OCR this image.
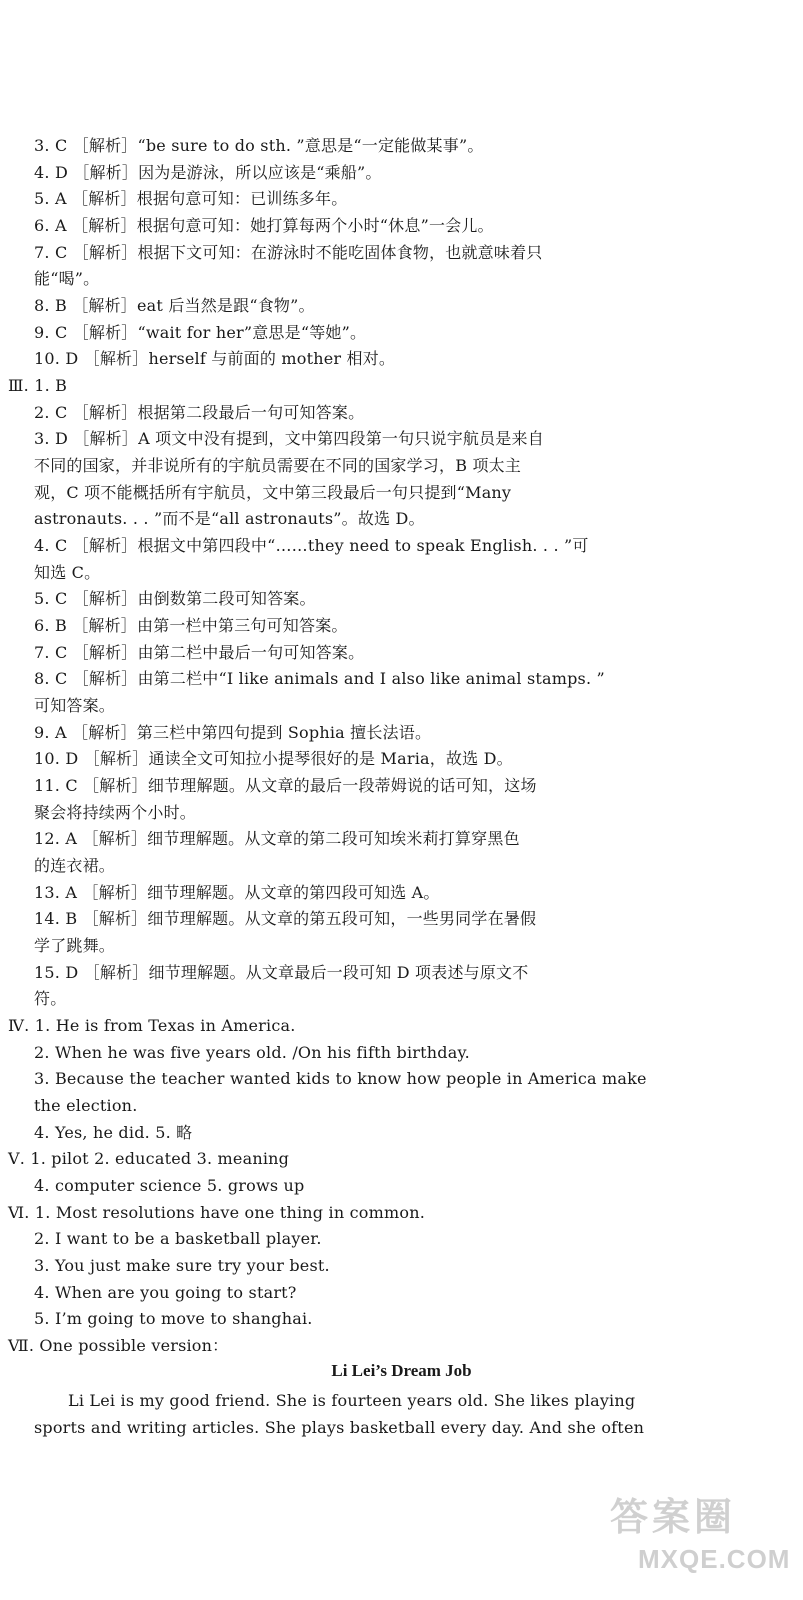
3. C ［解析］“be sure to do sth. ”意思是“一定能做某事”。
4. D ［解析］因为是游泳，所以应该是“乘船”。
5. A ［解析］根据句意可知：已训练多年。
6. A ［解析］根据句意可知：她打算每两个小时“休息”一会儿。
7. C ［解析］根据下文可知：在游泳时不能吃固体食物，也就意味着只
能“喝”。
8. B ［解析］eat 后当然是跟“食物”。
9. C ［解析］“wait for her”意思是“等她”。
10. D ［解析］herself 与前面的 mother 相对。
Ⅲ. 1. B
2. C ［解析］根据第二段最后一句可知答案。
3. D ［解析］A 项文中没有提到，文中第四段第一句只说宇航员是来自
不同的国家，并非说所有的宇航员需要在不同的国家学习，B 项太主
观，C 项不能概括所有宇航员，文中第三段最后一句只提到“Many
astronauts. . . ”而不是“all astronauts”。故选 D。
4. C ［解析］根据文中第四段中“……they need to speak English. . . ”可
知选 C。
5. C ［解析］由倒数第二段可知答案。
6. B ［解析］由第一栏中第三句可知答案。
7. C ［解析］由第二栏中最后一句可知答案。
8. C ［解析］由第二栏中“I like animals and I also like animal stamps. ”
可知答案。
9. A ［解析］第三栏中第四句提到 Sophia 擅长法语。
10. D ［解析］通读全文可知拉小提琴很好的是 Maria，故选 D。
11. C ［解析］细节理解题。从文章的最后一段蒂姆说的话可知，这场
聚会将持续两个小时。
12. A ［解析］细节理解题。从文章的第二段可知埃米莉打算穿黑色
的连衣裙。
13. A ［解析］细节理解题。从文章的第四段可知选 A。
14. B ［解析］细节理解题。从文章的第五段可知，一些男同学在暑假
学了跳舞。
15. D ［解析］细节理解题。从文章最后一段可知 D 项表述与原文不
符。
Ⅳ. 1. He is from Texas in America.
2. When he was five years old. /On his fifth birthday.
3. Because the teacher wanted kids to know how people in America make
the election.
4. Yes, he did. 5. 略
Ⅴ. 1. pilot 2. educated 3. meaning
4. computer science 5. grows up
Ⅵ. 1. Most resolutions have one thing in common.
2. I want to be a basketball player.
3. You just make sure try your best.
4. When are you going to start?
5. I’m going to move to shanghai.
Ⅶ. One possible version：
Li Lei’s Dream Job
Li Lei is my good friend. She is fourteen years old. She likes playing
sports and writing articles. She plays basketball every day. And she often
答案圈
MXQE.COM
